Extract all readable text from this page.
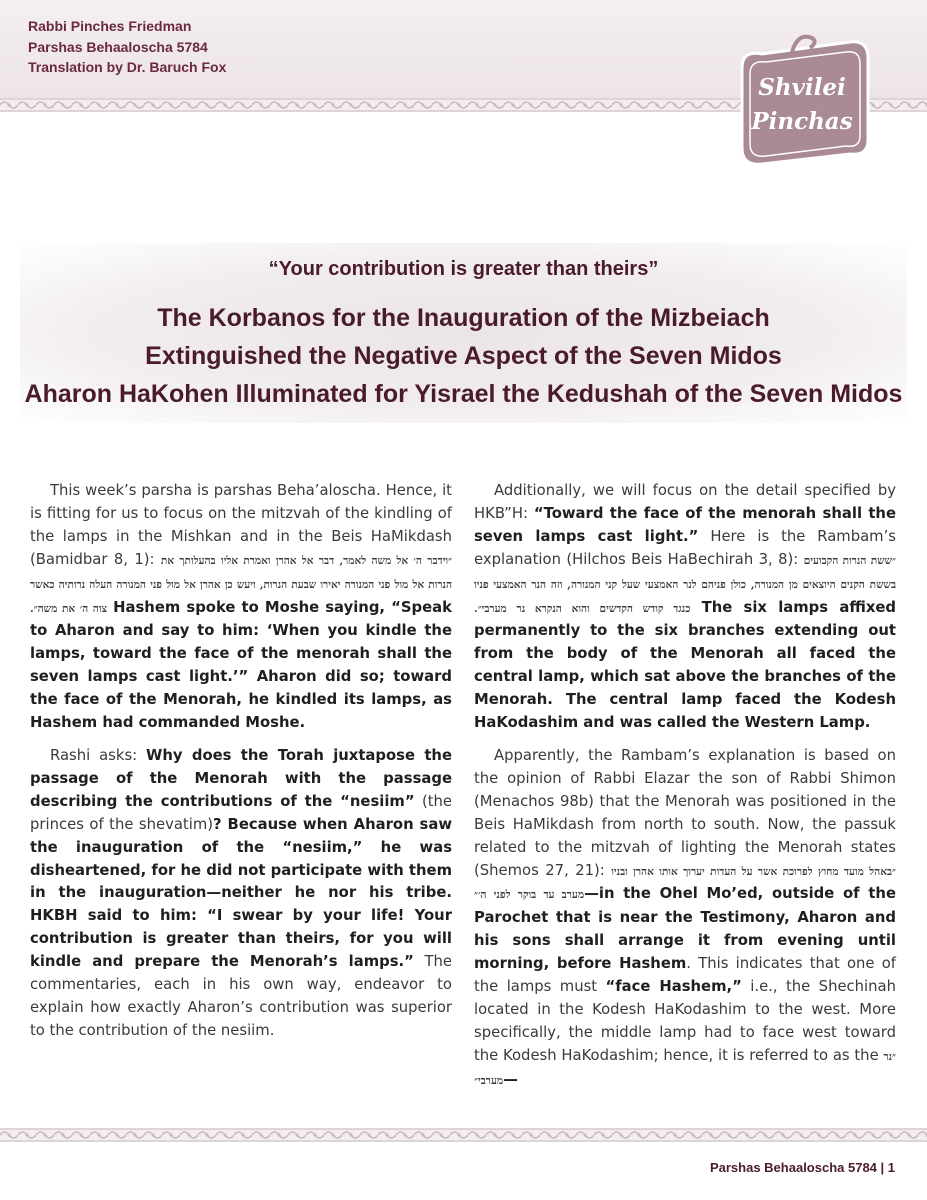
Rabbi Pinches Friedman
Parshas Behaaloscha 5784
Translation by Dr. Baruch Fox
Shvilei
Pinchas
“Your contribution is greater than theirs”
The Korbanos for the Inauguration of the Mizbeiach
Extinguished the Negative Aspect of the Seven Midos
Aharon HaKohen Illuminated for Yisrael the Kedushah of the Seven Midos

This week’s parsha is parshas Beha’aloscha. Hence, it is fitting for us to focus on the mitzvah of the kindling of the lamps in the Mishkan and in the Beis HaMikdash (Bamidbar 8, 1): ״וידבר ה׳ אל משה לאמר, דבר אל אהרן ואמרת אליו בהעלותך את הנרות אל מול פני המנורה יאירו שבעת הנרות, ויעש כן אהרן אל מול פני המנורה העלה נרותיה כאשר צוה ה׳ את משה״. Hashem spoke to Moshe saying, “Speak to Aharon and say to him: ‘When you kindle the lamps, toward the face of the menorah shall the seven lamps cast light.’” Aharon did so; toward the face of the Menorah, he kindled its lamps, as Hashem had commanded Moshe.

Rashi asks: Why does the Torah juxtapose the passage of the Menorah with the passage describing the contributions of the “nesiim” (the princes of the shevatim)? Because when Aharon saw the inauguration of the “nesiim,” he was disheartened, for he did not participate with them in the inauguration—neither he nor his tribe. HKBH said to him: “I swear by your life! Your contribution is greater than theirs, for you will kindle and prepare the Menorah’s lamps.” The commentaries, each in his own way, endeavor to explain how exactly Aharon’s contribution was superior to the contribution of the nesiim.

Additionally, we will focus on the detail specified by HKB”H: “Toward the face of the menorah shall the seven lamps cast light.” Here is the Rambam’s explanation (Hilchos Beis HaBechirah 3, 8): ״ששת הנרות הקבועים בששת הקנים היוצאים מן המנורה, כולן פניהם לנר האמצעי שעל קני המנורה, וזה הנר האמצעי פניו כנגד קודש הקדשים והוא הנקרא נר מערבי״. The six lamps affixed permanently to the six branches extending out from the body of the Menorah all faced the central lamp, which sat above the branches of the Menorah. The central lamp faced the Kodesh HaKodashim and was called the Western Lamp.

Apparently, the Rambam’s explanation is based on the opinion of Rabbi Elazar the son of Rabbi Shimon (Menachos 98b) that the Menorah was positioned in the Beis HaMikdash from north to south. Now, the passuk related to the mitzvah of lighting the Menorah states (Shemos 27, 21): ״באהל מועד מחוץ לפרוכת אשר על העדות יערוך אותו אהרן ובניו מערב עד בוקר לפני ה׳״—in the Ohel Mo’ed, outside of the Parochet that is near the Testimony, Aharon and his sons shall arrange it from evening until morning, before Hashem. This indicates that one of the lamps must “face Hashem,” i.e., the Shechinah located in the Kodesh HaKodashim to the west. More specifically, the middle lamp had to face west toward the Kodesh HaKodashim; hence, it is referred to as the ״נר מערבי״—

Parshas Behaaloscha 5784 | 1
